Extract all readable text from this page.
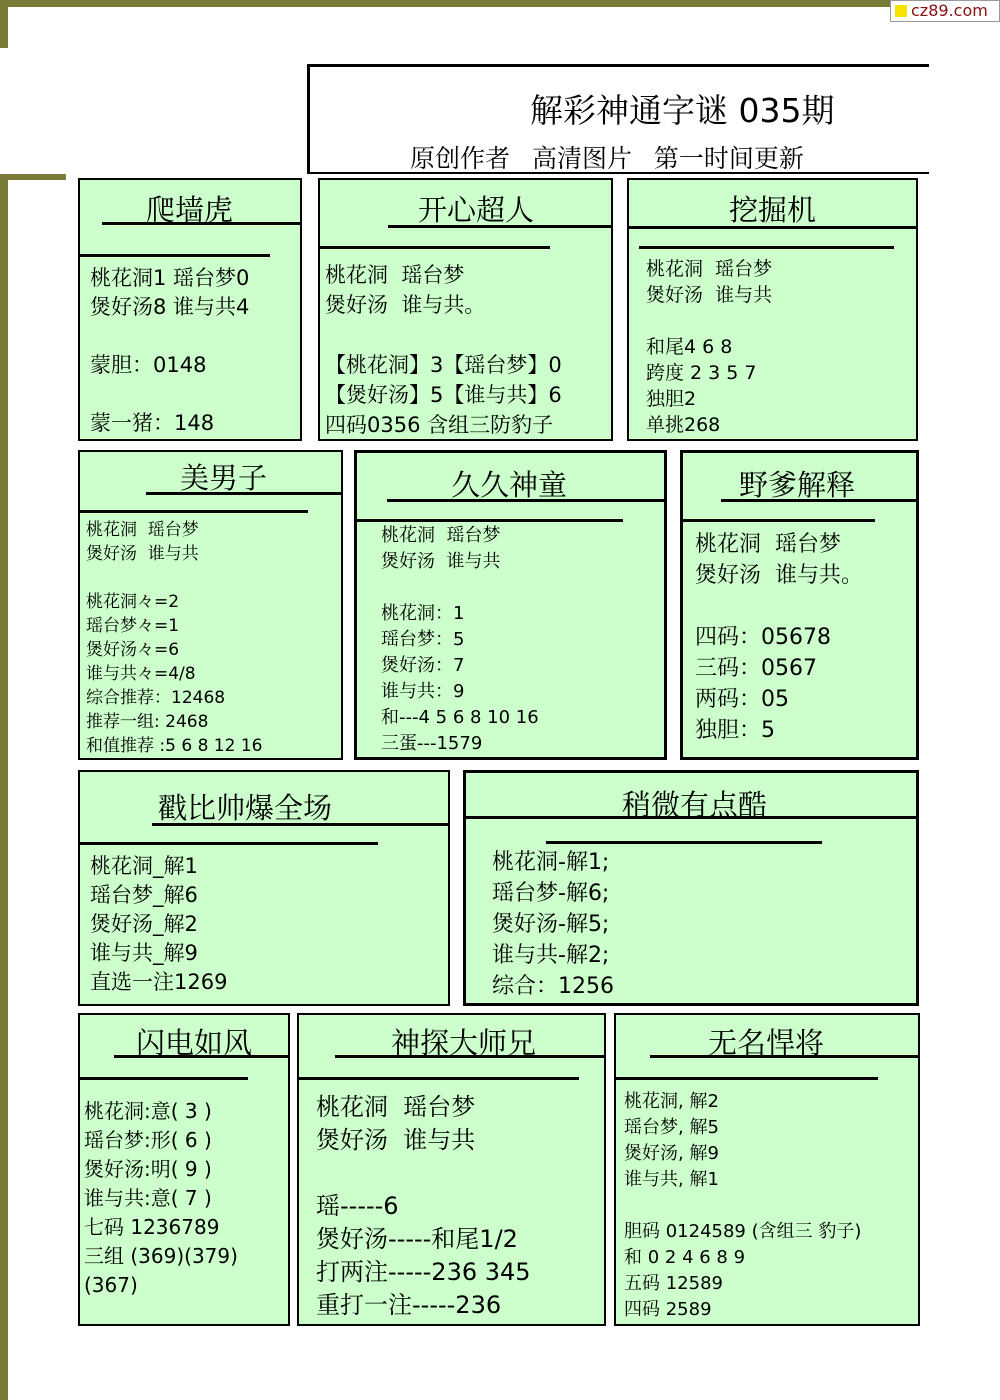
cz89.com
解彩神通字谜 035期
原创作者 高清图片 第一时间更新
爬墙虎
桃花洞1 瑶台梦0
煲好汤8 谁与共4

蒙胆：0148

蒙一猪：148
开心超人
桃花洞  瑶台梦
煲好汤  谁与共。

【桃花洞】3【瑶台梦】0
【煲好汤】5【谁与共】6
四码0356 含组三防豹子
挖掘机
桃花洞  瑶台梦
煲好汤  谁与共

和尾4 6 8
跨度 2 3 5 7
独胆2
单挑268
美男子
桃花洞  瑶台梦
煲好汤  谁与共

桃花洞々=2
瑶台梦々=1
煲好汤々=6
谁与共々=4/8
综合推荐：12468
推荐一组: 2468
和值推荐 :5 6 8 12 16
久久神童
桃花洞  瑶台梦
煲好汤  谁与共

桃花洞：1
瑶台梦：5
煲好汤：7
谁与共：9
和---4 5 6 8 10 16
三蛋---1579
野爹解释
桃花洞  瑶台梦
煲好汤  谁与共。

四码：05678
三码：0567
两码：05
独胆：5
戳比帅爆全场
桃花洞_解1
瑶台梦_解6
煲好汤_解2
谁与共_解9
直选一注1269
稍微有点酷
桃花洞-解1;
瑶台梦-解6;
煲好汤-解5;
谁与共-解2;
综合：1256
闪电如风
桃花洞:意( 3 )
瑶台梦:形( 6 )
煲好汤:明( 9 )
谁与共:意( 7 )
七码 1236789
三组 (369)(379)
(367)
神探大师兄
桃花洞  瑶台梦
煲好汤  谁与共

瑶-----6
煲好汤-----和尾1/2
打两注-----236 345
重打一注-----236
无名悍将
桃花洞, 解2
瑶台梦, 解5
煲好汤, 解9
谁与共, 解1

胆码 0124589 (含组三 豹子)
和 0 2 4 6 8 9
五码 12589
四码 2589
